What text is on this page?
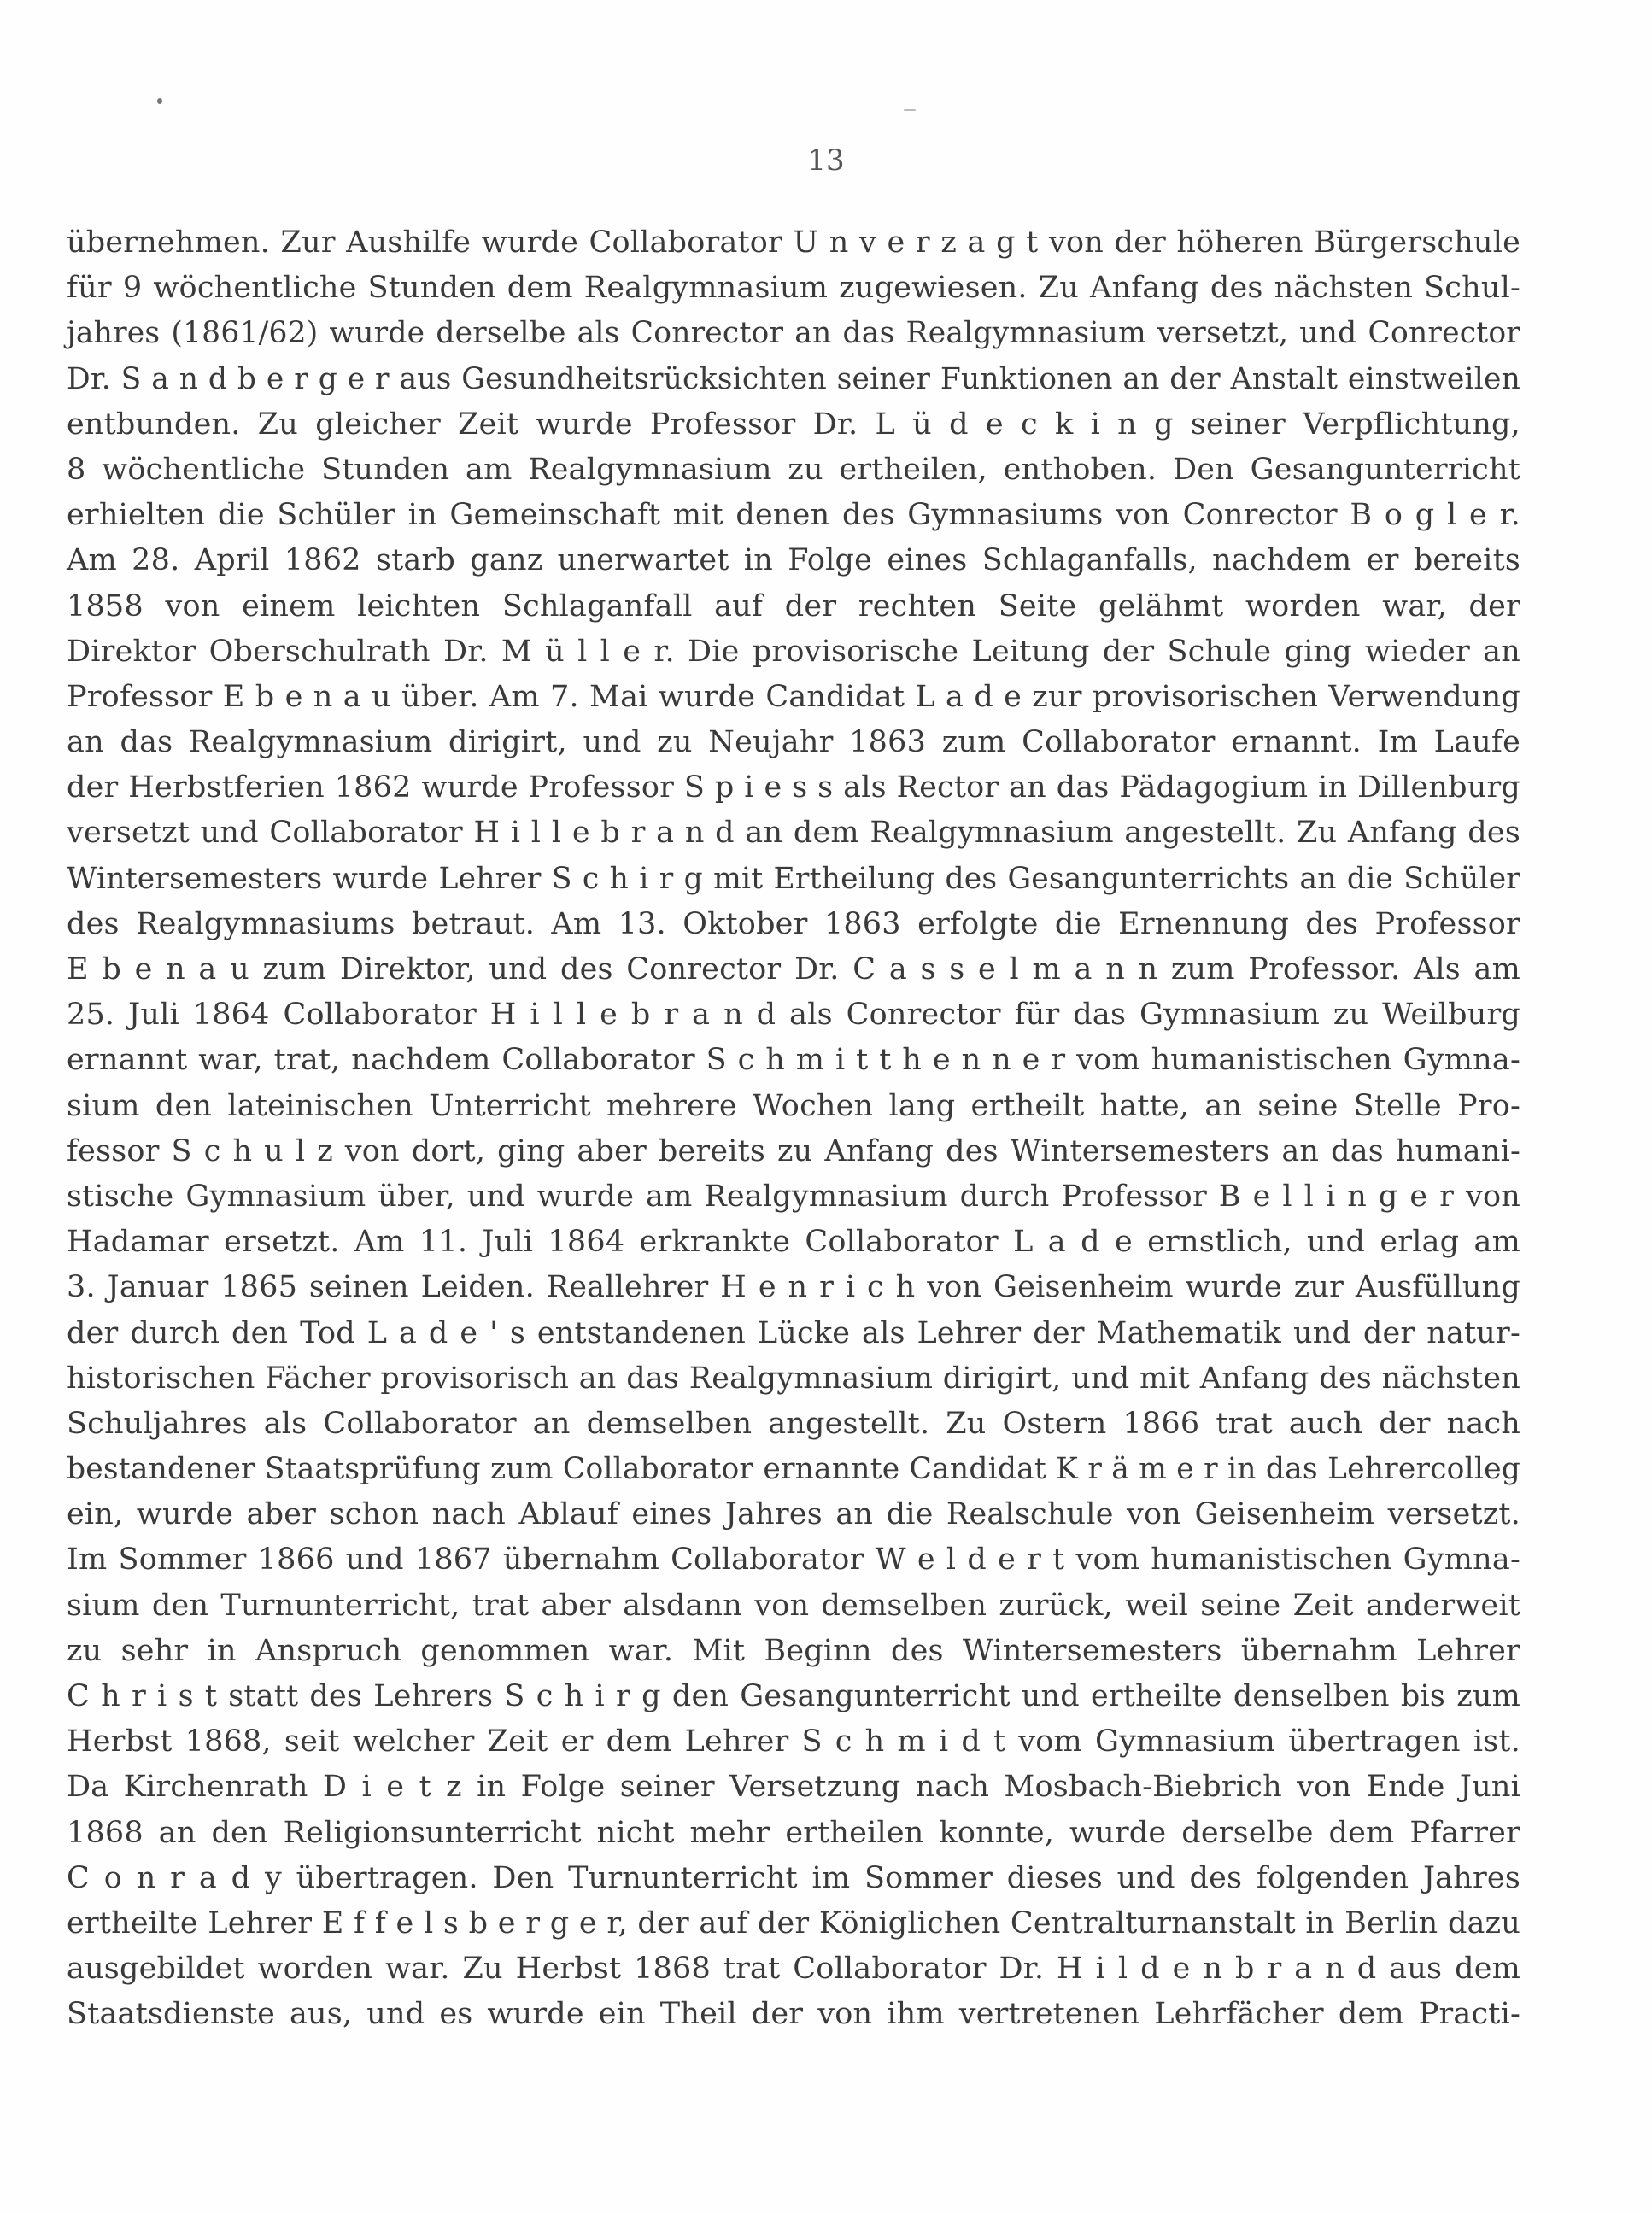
13
übernehmen. Zur Aushilfe wurde Collaborator U n v e r z a g t von der höheren Bürgerschule
für 9 wöchentliche Stunden dem Realgymnasium zugewiesen. Zu Anfang des nächsten Schul-
jahres (1861/62) wurde derselbe als Conrector an das Realgymnasium versetzt, und Conrector
Dr. S a n d b e r g e r aus Gesundheitsrücksichten seiner Funktionen an der Anstalt einstweilen
entbunden. Zu gleicher Zeit wurde Professor Dr. L ü d e c k i n g seiner Verpflichtung,
8 wöchentliche Stunden am Realgymnasium zu ertheilen, enthoben. Den Gesangunterricht
erhielten die Schüler in Gemeinschaft mit denen des Gymnasiums von Conrector B o g l e r.
Am 28. April 1862 starb ganz unerwartet in Folge eines Schlaganfalls, nachdem er bereits
1858 von einem leichten Schlaganfall auf der rechten Seite gelähmt worden war, der
Direktor Oberschulrath Dr. M ü l l e r. Die provisorische Leitung der Schule ging wieder an
Professor E b e n a u über. Am 7. Mai wurde Candidat L a d e zur provisorischen Verwendung
an das Realgymnasium dirigirt, und zu Neujahr 1863 zum Collaborator ernannt. Im Laufe
der Herbstferien 1862 wurde Professor S p i e s s als Rector an das Pädagogium in Dillenburg
versetzt und Collaborator H i l l e b r a n d an dem Realgymnasium angestellt. Zu Anfang des
Wintersemesters wurde Lehrer S c h i r g mit Ertheilung des Gesangunterrichts an die Schüler
des Realgymnasiums betraut. Am 13. Oktober 1863 erfolgte die Ernennung des Professor
E b e n a u zum Direktor, und des Conrector Dr. C a s s e l m a n n zum Professor. Als am
25. Juli 1864 Collaborator H i l l e b r a n d als Conrector für das Gymnasium zu Weilburg
ernannt war, trat, nachdem Collaborator S c h m i t t h e n n e r vom humanistischen Gymna-
sium den lateinischen Unterricht mehrere Wochen lang ertheilt hatte, an seine Stelle Pro-
fessor S c h u l z von dort, ging aber bereits zu Anfang des Wintersemesters an das humani-
stische Gymnasium über, und wurde am Realgymnasium durch Professor B e l l i n g e r von
Hadamar ersetzt. Am 11. Juli 1864 erkrankte Collaborator L a d e ernstlich, und erlag am
3. Januar 1865 seinen Leiden. Reallehrer H e n r i c h von Geisenheim wurde zur Ausfüllung
der durch den Tod L a d e ' s entstandenen Lücke als Lehrer der Mathematik und der natur-
historischen Fächer provisorisch an das Realgymnasium dirigirt, und mit Anfang des nächsten
Schuljahres als Collaborator an demselben angestellt. Zu Ostern 1866 trat auch der nach
bestandener Staatsprüfung zum Collaborator ernannte Candidat K r ä m e r in das Lehrercolleg
ein, wurde aber schon nach Ablauf eines Jahres an die Realschule von Geisenheim versetzt.
Im Sommer 1866 und 1867 übernahm Collaborator W e l d e r t vom humanistischen Gymna-
sium den Turnunterricht, trat aber alsdann von demselben zurück, weil seine Zeit anderweit
zu sehr in Anspruch genommen war. Mit Beginn des Wintersemesters übernahm Lehrer
C h r i s t statt des Lehrers S c h i r g den Gesangunterricht und ertheilte denselben bis zum
Herbst 1868, seit welcher Zeit er dem Lehrer S c h m i d t vom Gymnasium übertragen ist.
Da Kirchenrath D i e t z in Folge seiner Versetzung nach Mosbach-Biebrich von Ende Juni
1868 an den Religionsunterricht nicht mehr ertheilen konnte, wurde derselbe dem Pfarrer
C o n r a d y übertragen. Den Turnunterricht im Sommer dieses und des folgenden Jahres
ertheilte Lehrer E f f e l s b e r g e r, der auf der Königlichen Centralturnanstalt in Berlin dazu
ausgebildet worden war. Zu Herbst 1868 trat Collaborator Dr. H i l d e n b r a n d aus dem
Staatsdienste aus, und es wurde ein Theil der von ihm vertretenen Lehrfächer dem Practi-
